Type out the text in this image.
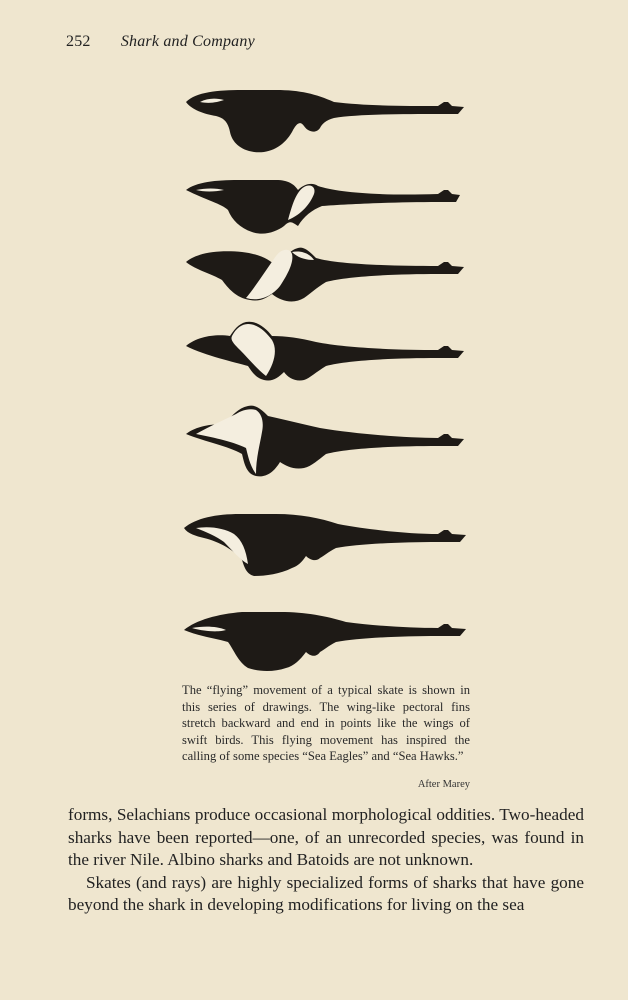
252 Shark and Company
The “flying” movement of a typical skate is shown in this series of drawings. The wing-like pectoral fins stretch backward and end in points like the wings of swift birds. This flying movement has inspired the calling of some species “Sea Eagles” and “Sea Hawks.”
After Marey

forms, Selachians produce occasional morphological oddities. Two-headed sharks have been reported—one, of an unrecorded species, was found in the river Nile. Albino sharks and Batoids are not unknown.

Skates (and rays) are highly specialized forms of sharks that have gone beyond the shark in developing modifications for living on the sea
